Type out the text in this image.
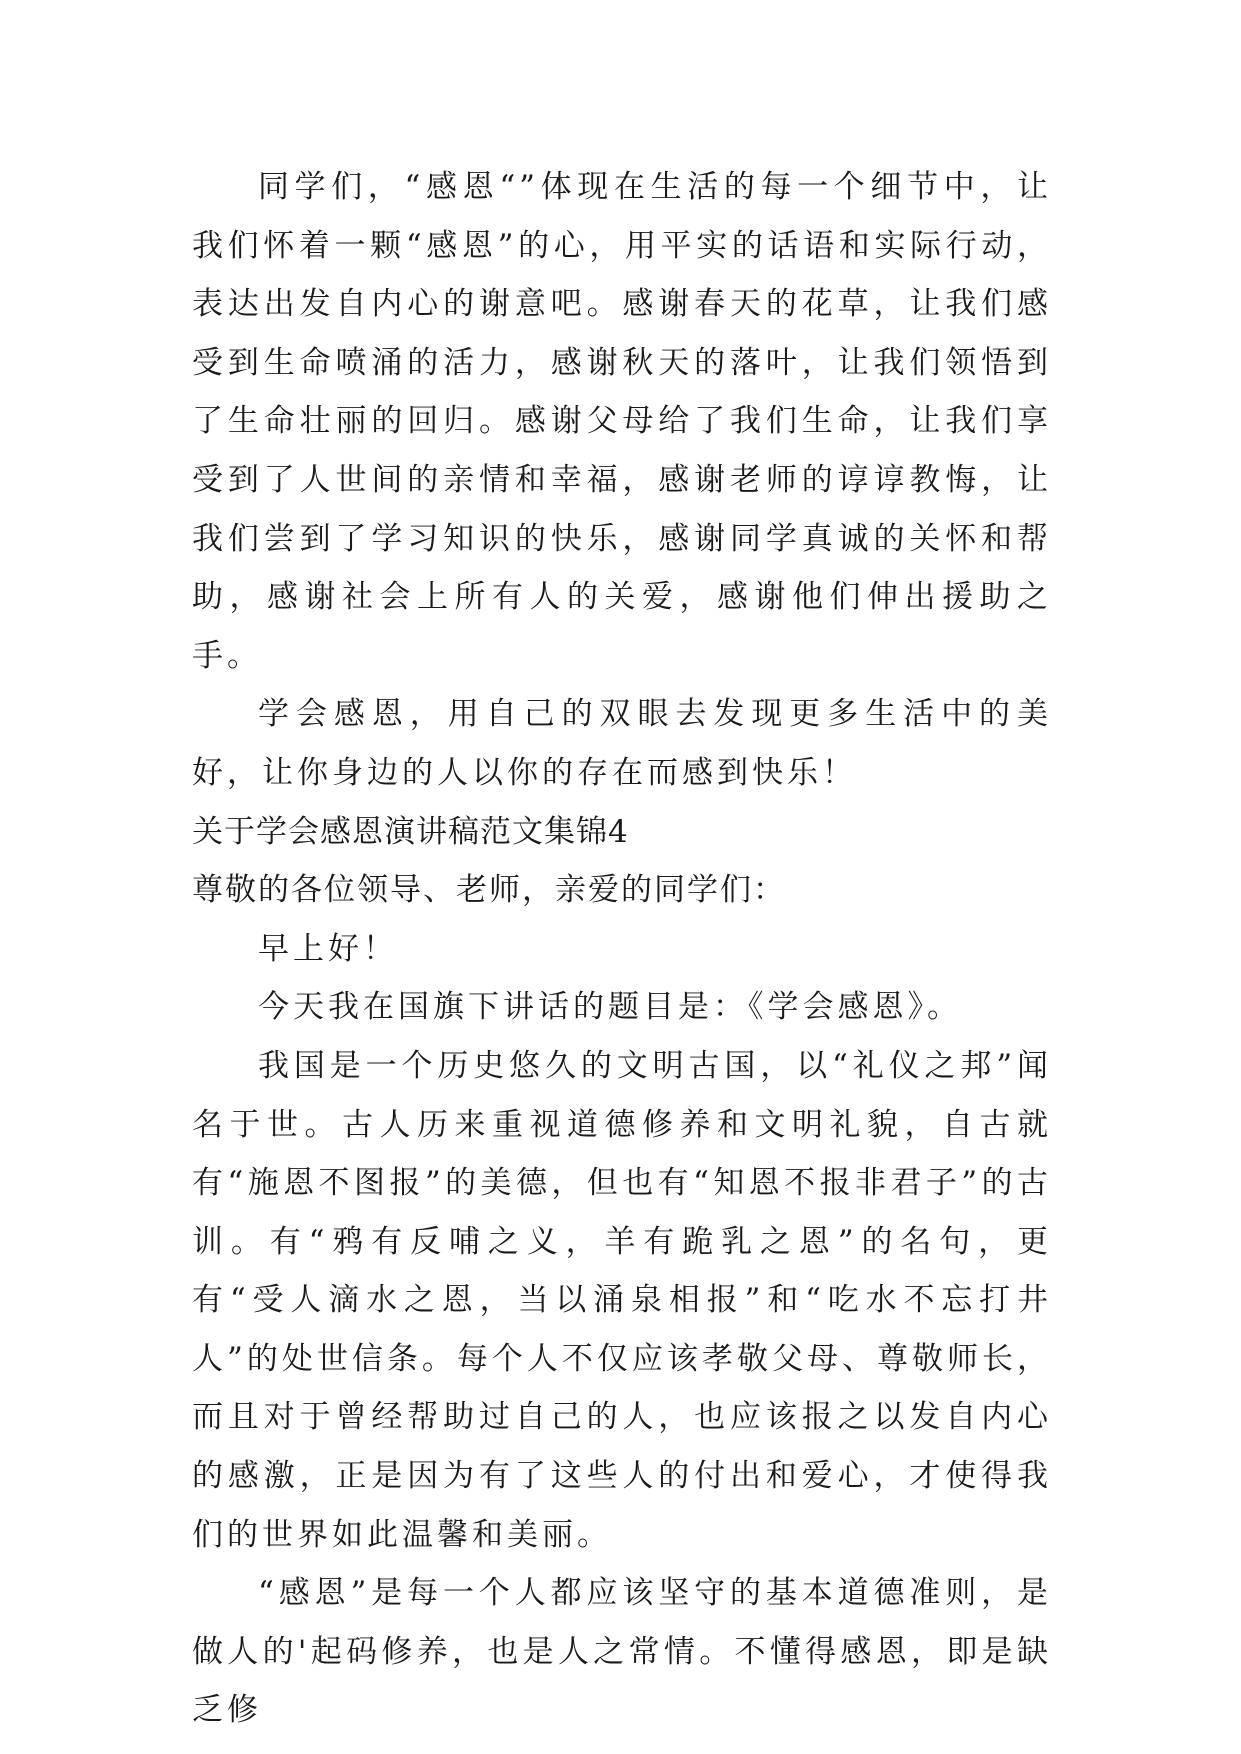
同学们，“感恩“”体现在生活的每一个细节中，让我们怀着一颗“感恩”的心，用平实的话语和实际行动，表达出发自内心的谢意吧。感谢春天的花草，让我们感受到生命喷涌的活力，感谢秋天的落叶，让我们领悟到了生命壮丽的回归。感谢父母给了我们生命，让我们享受到了人世间的亲情和幸福，感谢老师的谆谆教悔，让我们尝到了学习知识的快乐，感谢同学真诚的关怀和帮助，感谢社会上所有人的关爱，感谢他们伸出援助之手。

学会感恩，用自己的双眼去发现更多生活中的美好，让你身边的人以你的存在而感到快乐！

关于学会感恩演讲稿范文集锦4

尊敬的各位领导、老师，亲爱的同学们：

早上好！

今天我在国旗下讲话的题目是：《学会感恩》。

我国是一个历史悠久的文明古国，以“礼仪之邦”闻名于世。古人历来重视道德修养和文明礼貌，自古就有“施恩不图报”的美德，但也有“知恩不报非君子”的古训。有“鸦有反哺之义，羊有跪乳之恩”的名句，更有“受人滴水之恩，当以涌泉相报”和“吃水不忘打井人”的处世信条。每个人不仅应该孝敬父母、尊敬师长，而且对于曾经帮助过自己的人，也应该报之以发自内心的感激，正是因为有了这些人的付出和爱心，才使得我们的世界如此温馨和美丽。

“感恩”是每一个人都应该坚守的基本道德准则，是做人的'起码修养，也是人之常情。不懂得感恩，即是缺乏修
